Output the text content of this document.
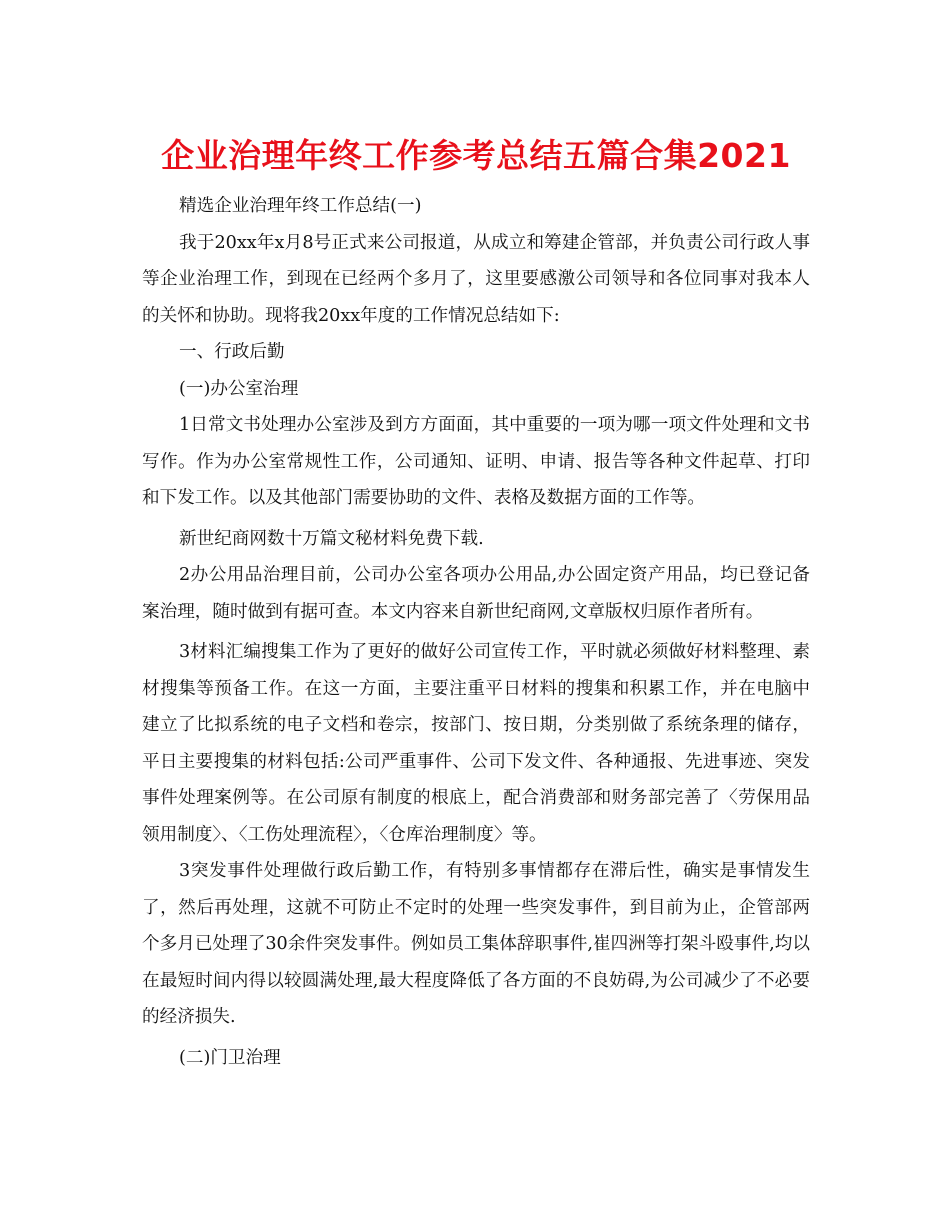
企业治理年终工作参考总结五篇合集2021

精选企业治理年终工作总结(一)

我于20xx年x月8号正式来公司报道，从成立和筹建企管部，并负责公司行政人事等企业治理工作，到现在已经两个多月了，这里要感激公司领导和各位同事对我本人的关怀和协助。现将我20xx年度的工作情况总结如下:

一、行政后勤

(一)办公室治理

1日常文书处理办公室涉及到方方面面，其中重要的一项为哪一项文件处理和文书写作。作为办公室常规性工作，公司通知、证明、申请、报告等各种文件起草、打印和下发工作。以及其他部门需要协助的文件、表格及数据方面的工作等。

新世纪商网数十万篇文秘材料免费下载.

2办公用品治理目前，公司办公室各项办公用品,办公固定资产用品，均已登记备案治理，随时做到有据可查。本文内容来自新世纪商网,文章版权归原作者所有。

3材料汇编搜集工作为了更好的做好公司宣传工作，平时就必须做好材料整理、素材搜集等预备工作。在这一方面，主要注重平日材料的搜集和积累工作，并在电脑中建立了比拟系统的电子文档和卷宗，按部门、按日期，分类别做了系统条理的储存，平日主要搜集的材料包括:公司严重事件、公司下发文件、各种通报、先进事迹、突发事件处理案例等。在公司原有制度的根底上，配合消费部和财务部完善了〈劳保用品领用制度〉、〈工伤处理流程〉，〈仓库治理制度〉等。

3突发事件处理做行政后勤工作，有特别多事情都存在滞后性，确实是事情发生了，然后再处理，这就不可防止不定时的处理一些突发事件，到目前为止，企管部两个多月已处理了30余件突发事件。例如员工集体辞职事件,崔四洲等打架斗殴事件,均以在最短时间内得以较圆满处理,最大程度降低了各方面的不良妨碍,为公司减少了不必要的经济损失.

(二)门卫治理
